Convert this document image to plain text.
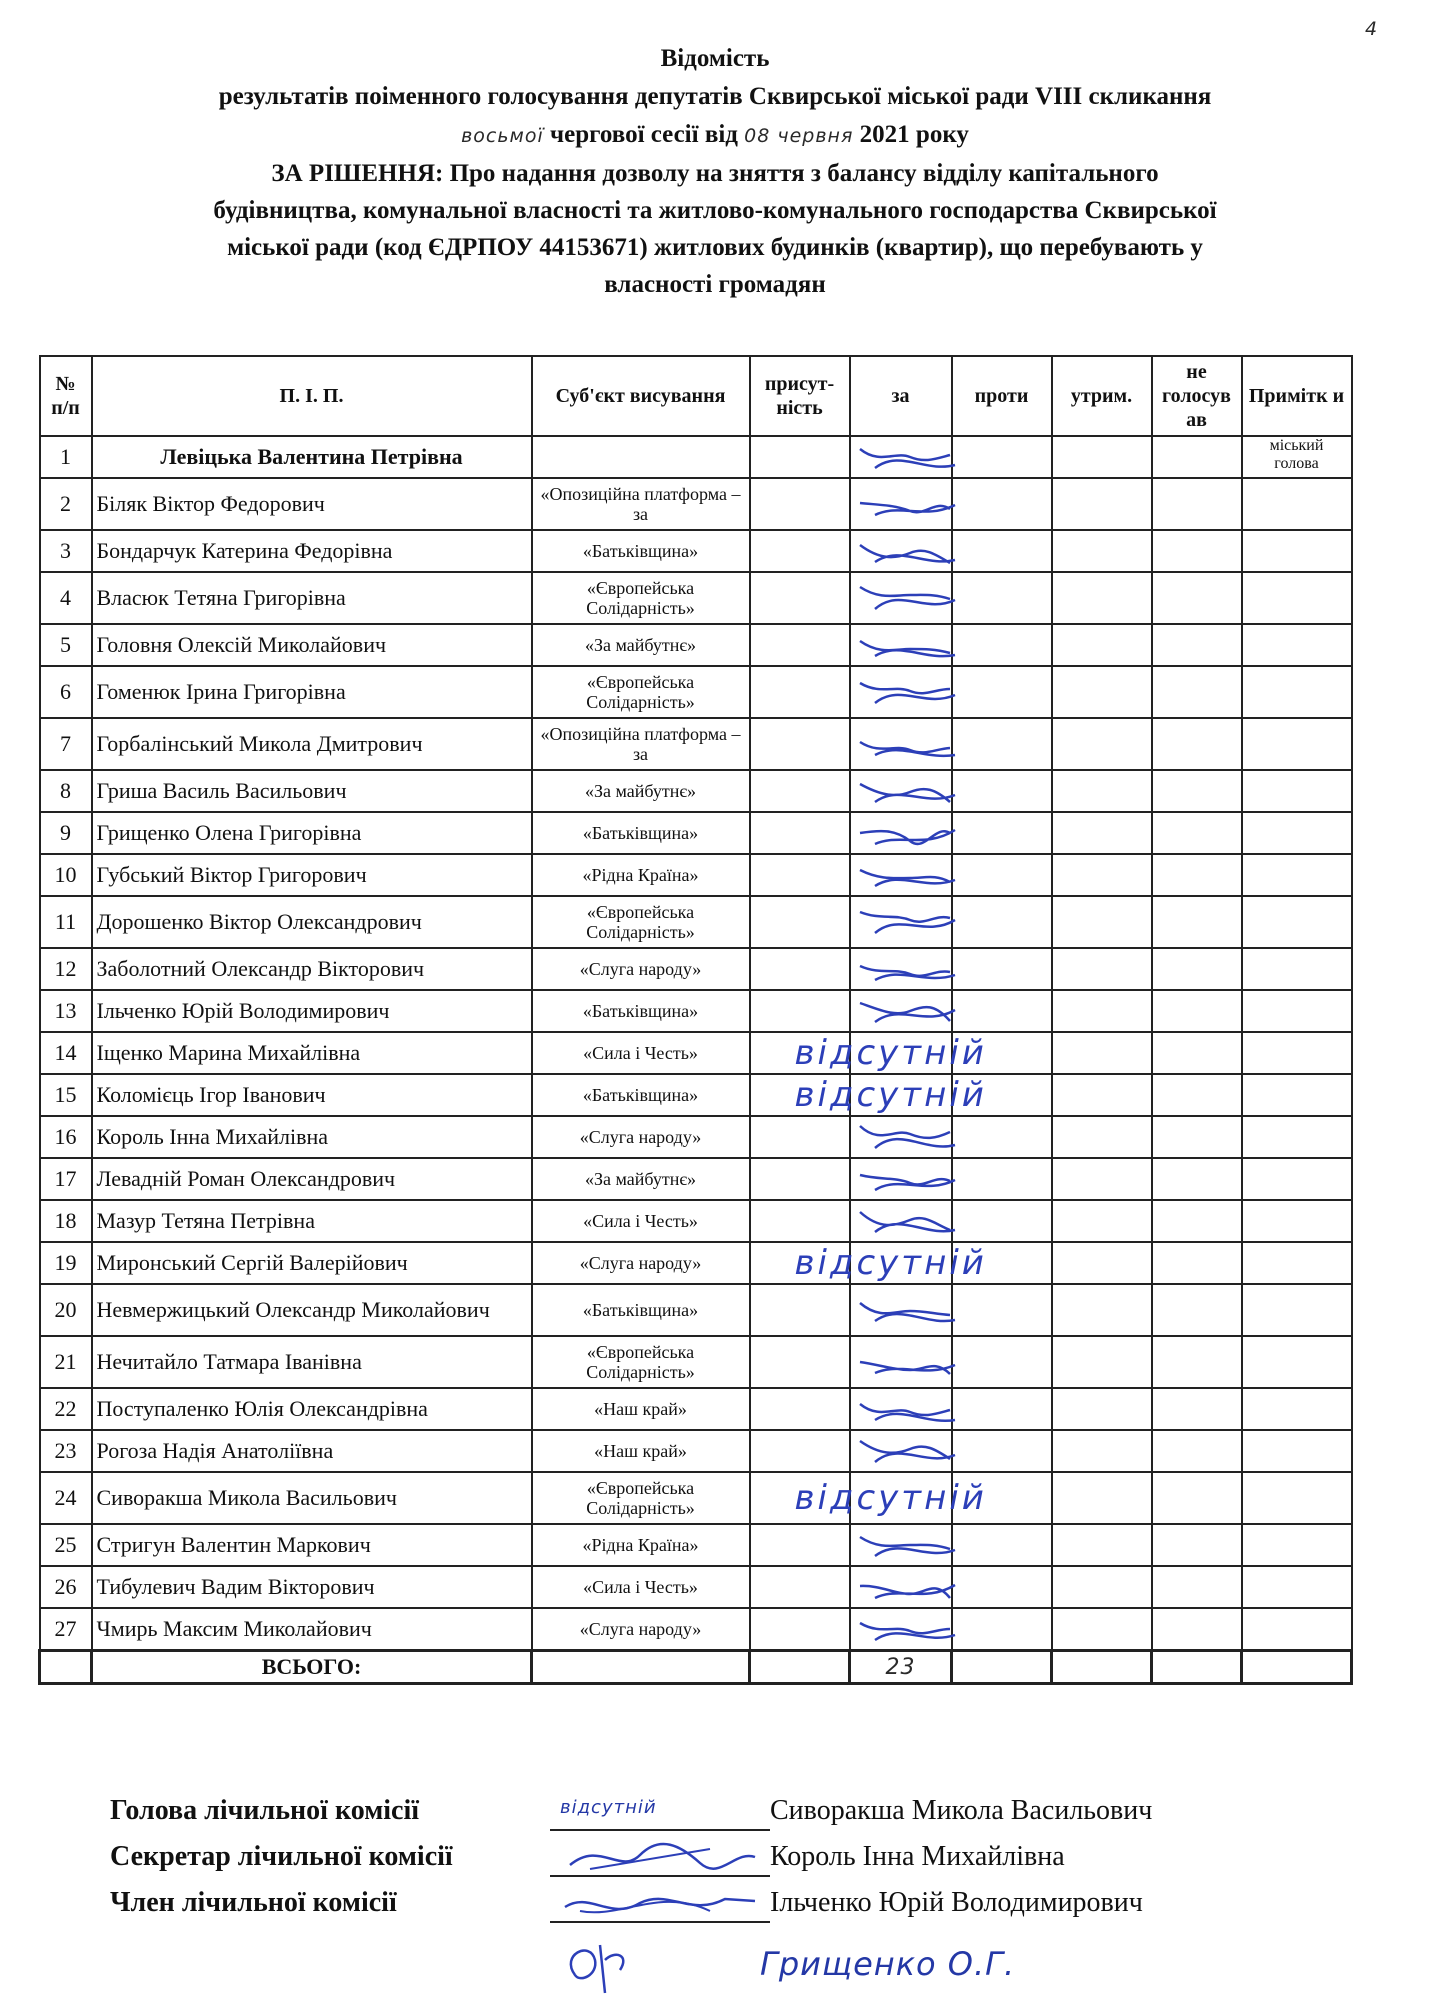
4
Відомість
результатів поіменного голосування депутатів Сквирської міської ради VIII скликання
восьмої чергової сесії від 08 червня 2021 року
ЗА РІШЕННЯ: Про надання дозволу на зняття з балансу відділу капітального
будівництва, комунальної власності та житлово-комунального господарства Сквирської
міської ради (код ЄДРПОУ 44153671) житлових будинків (квартир), що перебувають у
власності громадян
№ п/п	П. І. П.	Суб'єкт висування	присут-ність	за	проти	утрим.	не голосув ав	Примітк и
1	Левіцька Валентина Петрівна							міський голова
2	Біляк Віктор Федорович	«Опозиційна платформа – за		

3	Бондарчук Катерина Федорівна	«Батьківщина»		

4	Власюк Тетяна Григорівна	«Європейська Солідарність»		

5	Головня Олексій Миколайович	«За майбутнє»		

6	Гоменюк Ірина Григорівна	«Європейська Солідарність»		

7	Горбалінський Микола Дмитрович	«Опозиційна платформа – за		

8	Гриша Василь Васильович	«За майбутнє»		

9	Грищенко Олена Григорівна	«Батьківщина»		

10	Губський Віктор Григорович	«Рідна Країна»		

11	Дорошенко Віктор Олександрович	«Європейська Солідарність»		

12	Заболотний Олександр Вікторович	«Слуга народу»		

13	Ільченко Юрій Володимирович	«Батьківщина»		

14	Іщенко Марина Михайлівна	«Сила і Честь»		відсутній				
15	Коломієць Ігор Іванович	«Батьківщина»		відсутній				
16	Король Інна Михайлівна	«Слуга народу»		

17	Левадній Роман Олександрович	«За майбутнє»		

18	Мазур Тетяна Петрівна	«Сила і Честь»		

19	Миронський Сергій Валерійович	«Слуга народу»		відсутній				
20	Невмержицький Олександр Миколайович	«Батьківщина»		

21	Нечитайло Татмара Іванівна	«Європейська Солідарність»		

22	Поступаленко Юлія Олександрівна	«Наш край»		

23	Рогоза Надія Анатоліївна	«Наш край»		

24	Сиворакша Микола Васильович	«Європейська Солідарність»		відсутній				
25	Стригун Валентин Маркович	«Рідна Країна»		

26	Тибулевич Вадим Вікторович	«Сила і Честь»		

27	Чмирь Максим Миколайович	«Слуга народу»		

	ВСЬОГО:			23				
Голова лічильної комісії	відсутній	Сиворакша Микола Васильович
Секретар лічильної комісії	Король Інна Михайлівна
Член лічильної комісії	Ільченко Юрій Володимирович
Грищенко О.Г.
